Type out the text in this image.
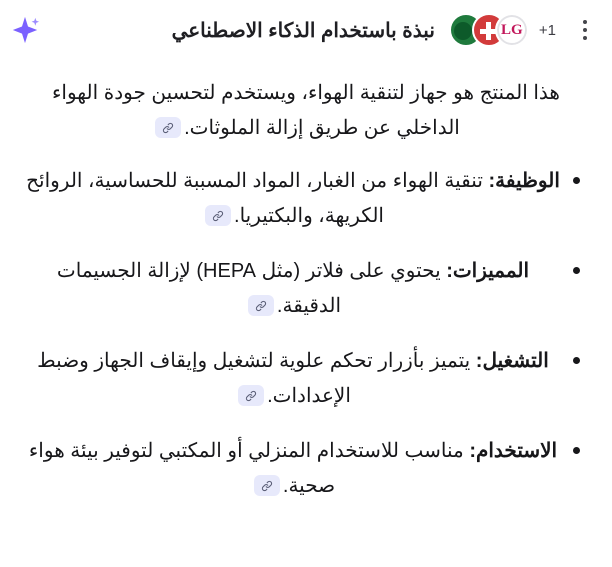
+1
LG
نبذة باستخدام الذكاء الاصطناعي

هذا المنتج هو جهاز لتنقية الهواء، ويستخدم لتحسين جودة الهواء الداخلي عن طريق إزالة الملوثات.

الوظيفة: تنقية الهواء من الغبار، المواد المسببة للحساسية، الروائح الكريهة، والبكتيريا.
المميزات: يحتوي على فلاتر (مثل HEPA) لإزالة الجسيمات الدقيقة.
التشغيل: يتميز بأزرار تحكم علوية لتشغيل وإيقاف الجهاز وضبط الإعدادات.
الاستخدام: مناسب للاستخدام المنزلي أو المكتبي لتوفير بيئة هواء صحية.
